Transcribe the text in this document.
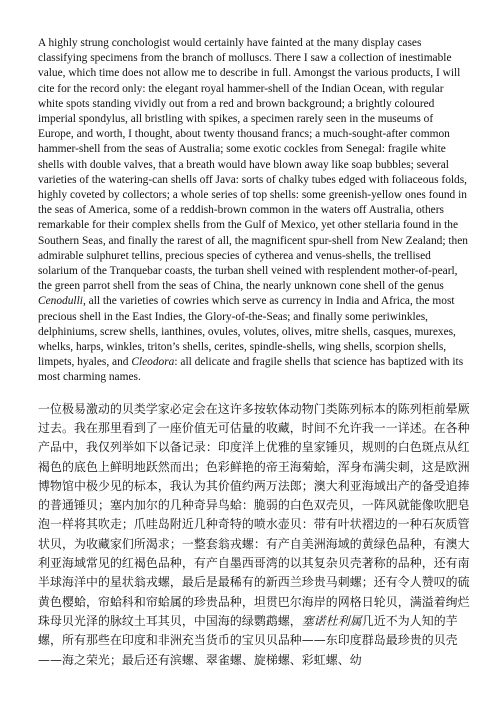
A highly strung conchologist would certainly have fainted at the many display cases classifying specimens from the branch of molluscs. There I saw a collection of inestimable value, which time does not allow me to describe in full. Amongst the various products, I will cite for the record only: the elegant royal hammer-shell of the Indian Ocean, with regular white spots standing vividly out from a red and brown background; a brightly coloured imperial spondylus, all bristling with spikes, a specimen rarely seen in the museums of Europe, and worth, I thought, about twenty thousand francs; a much-sought-after common hammer-shell from the seas of Australia; some exotic cockles from Senegal: fragile white shells with double valves, that a breath would have blown away like soap bubbles; several varieties of the watering-can shells off Java: sorts of chalky tubes edged with foliaceous folds, highly coveted by collectors; a whole series of top shells: some greenish-yellow ones found in the seas of America, some of a reddish-brown common in the waters off Australia, others remarkable for their complex shells from the Gulf of Mexico, yet other stellaria found in the Southern Seas, and finally the rarest of all, the magnificent spur-shell from New Zealand; then admirable sulphuret tellins, precious species of cytherea and venus-shells, the trellised solarium of the Tranquebar coasts, the turban shell veined with resplendent mother-of-pearl, the green parrot shell from the seas of China, the nearly unknown cone shell of the genus Cenodulli, all the varieties of cowries which serve as currency in India and Africa, the most precious shell in the East Indies, the Glory-of-the-Seas; and finally some periwinkles, delphiniums, screw shells, ianthines, ovules, volutes, olives, mitre shells, casques, murexes, whelks, harps, winkles, triton’s shells, cerites, spindle-shells, wing shells, scorpion shells, limpets, hyales, and Cleodora: all delicate and fragile shells that science has baptized with its most charming names.

一位极易激动的贝类学家必定会在这许多按软体动物门类陈列标本的陈列柜前晕厥过去。我在那里看到了一座价值无可估量的收藏，时间不允许我一一详述。在各种产品中，我仅列举如下以备记录：印度洋上优雅的皇家锤贝，规则的白色斑点从红褐色的底色上鲜明地跃然而出；色彩鲜艳的帝王海菊蛤，浑身布满尖刺，这是欧洲博物馆中极少见的标本，我认为其价值约两万法郎；澳大利亚海域出产的备受追捧的普通锤贝；塞内加尔的几种奇异鸟蛤：脆弱的白色双壳贝，一阵风就能像吹肥皂泡一样将其吹走；爪哇岛附近几种奇特的喷水壶贝：带有叶状褶边的一种石灰质管状贝，为收藏家们所渴求；一整套翁戎螺：有产自美洲海域的黄绿色品种，有澳大利亚海域常见的红褐色品种，有产自墨西哥湾的以其复杂贝壳著称的品种，还有南半球海洋中的星状翁戎螺，最后是最稀有的新西兰珍贵马刺螺；还有令人赞叹的硫黄色樱蛤，帘蛤科和帘蛤属的珍贵品种，坦贯巴尔海岸的网格日轮贝，满溢着绚烂珠母贝光泽的脉纹土耳其贝，中国海的绿鹦鹉螺，塞诺杜利属几近不为人知的芋螺，所有那些在印度和非洲充当货币的宝贝贝品种——东印度群岛最珍贵的贝壳——海之荣光；最后还有滨螺、翠雀螺、旋梯螺、彩虹螺、幼
